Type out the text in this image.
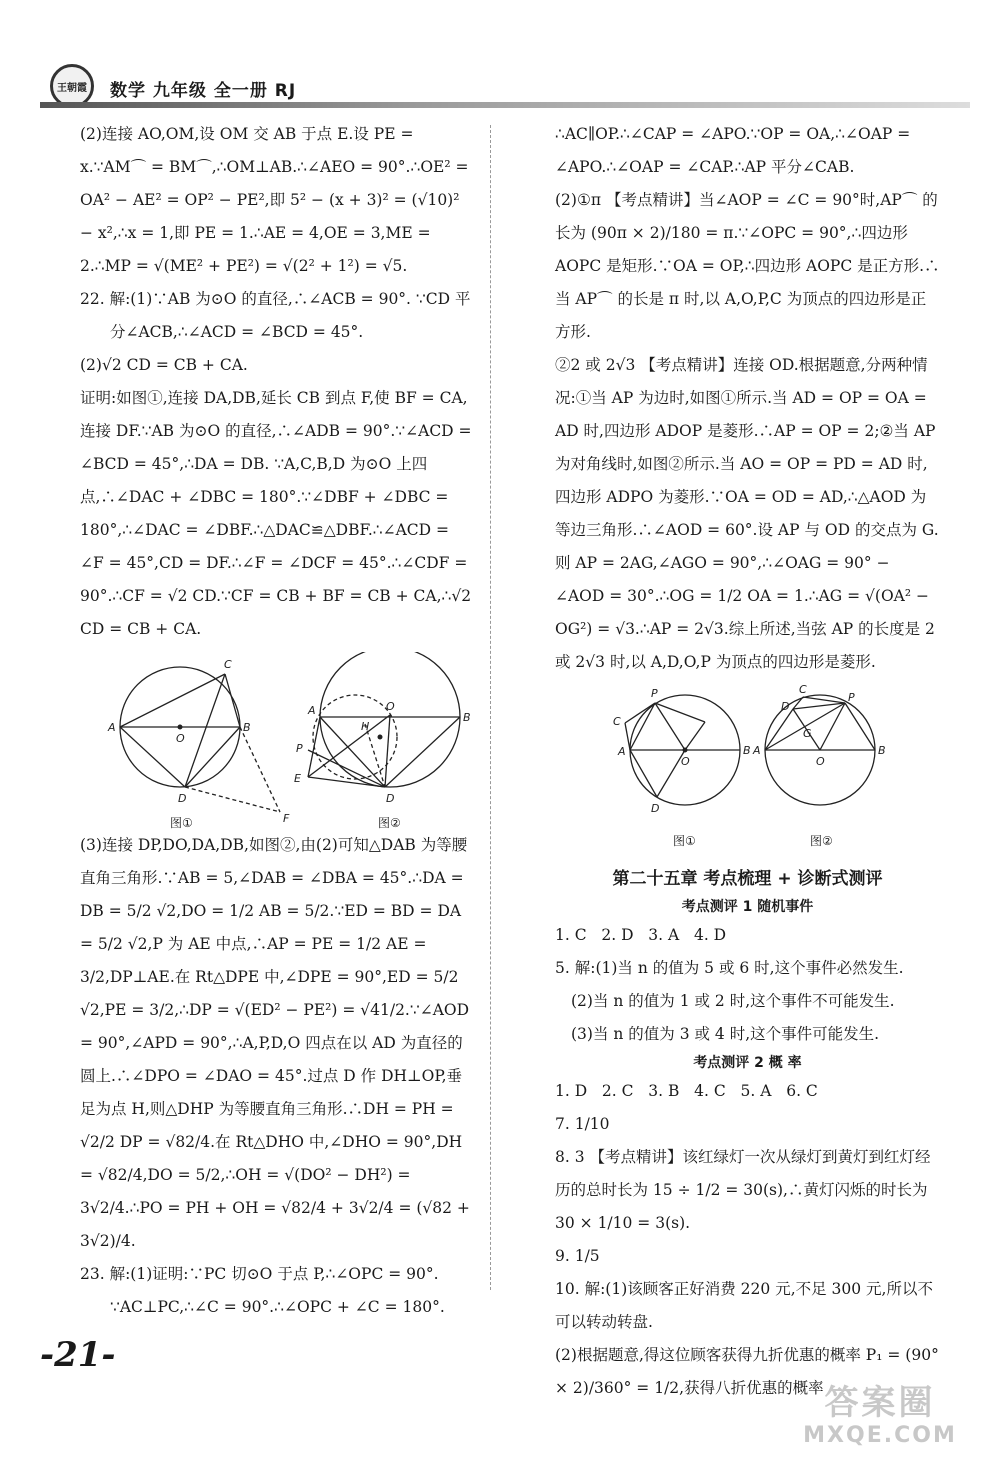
王朝霞	数学 九年级 全一册 RJ

(2)连接 AO,OM,设 OM 交 AB 于点 E.设 PE = x.∵AM⌒ = BM⌒,∴OM⊥AB.∴∠AEO = 90°.∴OE² = OA² − AE² = OP² − PE²,即 5² − (x + 3)² = (√10)² − x²,∴x = 1,即 PE = 1.∴AE = 4,OE = 3,ME = 2.∴MP = √(ME² + PE²) = √(2² + 1²) = √5.

22. 解:(1)∵AB 为⊙O 的直径,∴∠ACB = 90°. ∵CD 平分∠ACB,∴∠ACD = ∠BCD = 45°.

(2)√2 CD = CB + CA.

证明:如图①,连接 DA,DB,延长 CB 到点 F,使 BF = CA,连接 DF.∵AB 为⊙O 的直径,∴∠ADB = 90°.∵∠ACD = ∠BCD = 45°,∴DA = DB. ∵A,C,B,D 为⊙O 上四点,∴∠DAC + ∠DBC = 180°.∵∠DBF + ∠DBC = 180°,∴∠DAC = ∠DBF.∴△DAC≌△DBF.∴∠ACD = ∠F = 45°,CD = DF.∴∠F = ∠DCF = 45°.∴∠CDF = 90°.∴CF = √2 CD.∵CF = CB + BF = CB + CA,∴√2 CD = CB + CA.

A	B
C
O
D
F
A
B
O
H
P
E
D
图①	图②

(3)连接 DP,DO,DA,DB,如图②,由(2)可知△DAB 为等腰直角三角形.∵AB = 5,∠DAB = ∠DBA = 45°.∴DA = DB = 5/2 √2,DO = 1/2 AB = 5/2.∵ED = BD = DA = 5/2 √2,P 为 AE 中点,∴AP = PE = 1/2 AE = 3/2,DP⊥AE.在 Rt△DPE 中,∠DPE = 90°,ED = 5/2 √2,PE = 3/2,∴DP = √(ED² − PE²) = √41/2.∵∠AOD = 90°,∠APD = 90°,∴A,P,D,O 四点在以 AD 为直径的圆上.∴∠DPO = ∠DAO = 45°.过点 D 作 DH⊥OP,垂足为点 H,则△DHP 为等腰直角三角形.∴DH = PH = √2/2 DP = √82/4.在 Rt△DHO 中,∠DHO = 90°,DH = √82/4,DO = 5/2,∴OH = √(DO² − DH²) = 3√2/4.∴PO = PH + OH = √82/4 + 3√2/4 = (√82 + 3√2)/4.

23. 解:(1)证明:∵PC 切⊙O 于点 P,∴∠OPC = 90°. ∵AC⊥PC,∴∠C = 90°.∴∠OPC + ∠C = 180°.

∴AC∥OP.∴∠CAP = ∠APO.∵OP = OA,∴∠OAP = ∠APO.∴∠OAP = ∠CAP.∴AP 平分∠CAB.

(2)①π 【考点精讲】当∠AOP = ∠C = 90°时,AP⌒ 的长为 (90π × 2)/180 = π.∵∠OPC = 90°,∴四边形 AOPC 是矩形.∵OA = OP,∴四边形 AOPC 是正方形.∴当 AP⌒ 的长是 π 时,以 A,O,P,C 为顶点的四边形是正方形.

②2 或 2√3 【考点精讲】连接 OD.根据题意,分两种情况:①当 AP 为边时,如图①所示.当 AD = OP = OA = AD 时,四边形 ADOP 是菱形.∴AP = OP = 2;②当 AP 为对角线时,如图②所示.当 AO = OP = PD = AD 时,四边形 ADPO 为菱形.∵OA = OD = AD,∴△AOD 为等边三角形.∴∠AOD = 60°.设 AP 与 OD 的交点为 G.则 AP = 2AG,∠AGO = 90°,∴∠OAG = 90° − ∠AOD = 30°.∴OG = 1/2 OA = 1.∴AG = √(OA² − OG²) = √3.∴AP = 2√3.综上所述,当弦 AP 的长度是 2 或 2√3 时,以 A,D,O,P 为顶点的四边形是菱形.

P
C
A	B
O
D
C
D
P
A	B
G
O
图①	图②

第二十五章 考点梳理 + 诊断式测评

考点测评 1 随机事件

1. C   2. D   3. A   4. D

5. 解:(1)当 n 的值为 5 或 6 时,这个事件必然发生.

(2)当 n 的值为 1 或 2 时,这个事件不可能发生.

(3)当 n 的值为 3 或 4 时,这个事件可能发生.

考点测评 2 概 率

1. D   2. C   3. B   4. C   5. A   6. C

7. 1/10

8. 3 【考点精讲】该红绿灯一次从绿灯到黄灯到红灯经历的总时长为 15 ÷ 1/2 = 30(s),∴黄灯闪烁的时长为 30 × 1/10 = 3(s).

9. 1/5

10. 解:(1)该顾客正好消费 220 元,不足 300 元,所以不可以转动转盘.

(2)根据题意,得这位顾客获得九折优惠的概率 P₁ = (90° × 2)/360° = 1/2,获得八折优惠的概率

-21-
答案圈
MXQE.COM
